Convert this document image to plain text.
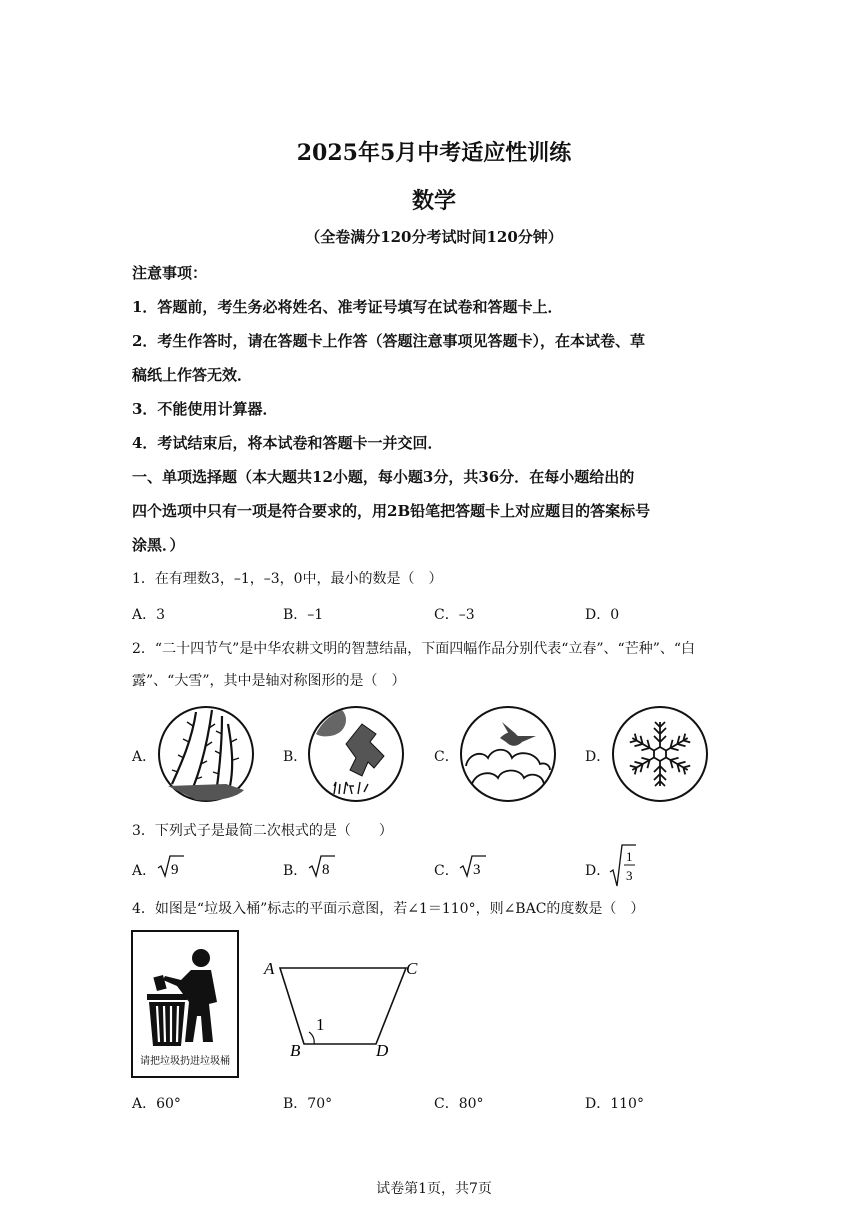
2025年5月中考适应性训练
数学
（全卷满分120分考试时间120分钟）
注意事项：
1．答题前，考生务必将姓名、准考证号填写在试卷和答题卡上．
2．考生作答时，请在答题卡上作答（答题注意事项见答题卡），在本试卷、草
稿纸上作答无效．
3．不能使用计算器．
4．考试结束后，将本试卷和答题卡一并交回．
一、单项选择题（本大题共12小题，每小题3分，共36分．在每小题给出的
四个选项中只有一项是符合要求的，用2B铅笔把答题卡上对应题目的答案标号
涂黑．）
1．在有理数3，–1，–3，0中，最小的数是（　）
A．3	B．–1	C．–3	D．0
2．“二十四节气”是中华农耕文明的智慧结晶，下面四幅作品分别代表“立春”、“芒种”、“白
露”、“大雪”，其中是轴对称图形的是（　）
A．	B．	C．	D．
3．下列式子是最简二次根式的是（　　）
A． 9	B． 8	C． 3	D．
1
3
4．如图是“垃圾入桶”标志的平面示意图，若∠1＝110°，则∠BAC的度数是（　）
请把垃圾扔进垃圾桶
A	C
B	D
1
A．60°	B．70°	C．80°	D．110°
试卷第1页，共7页
